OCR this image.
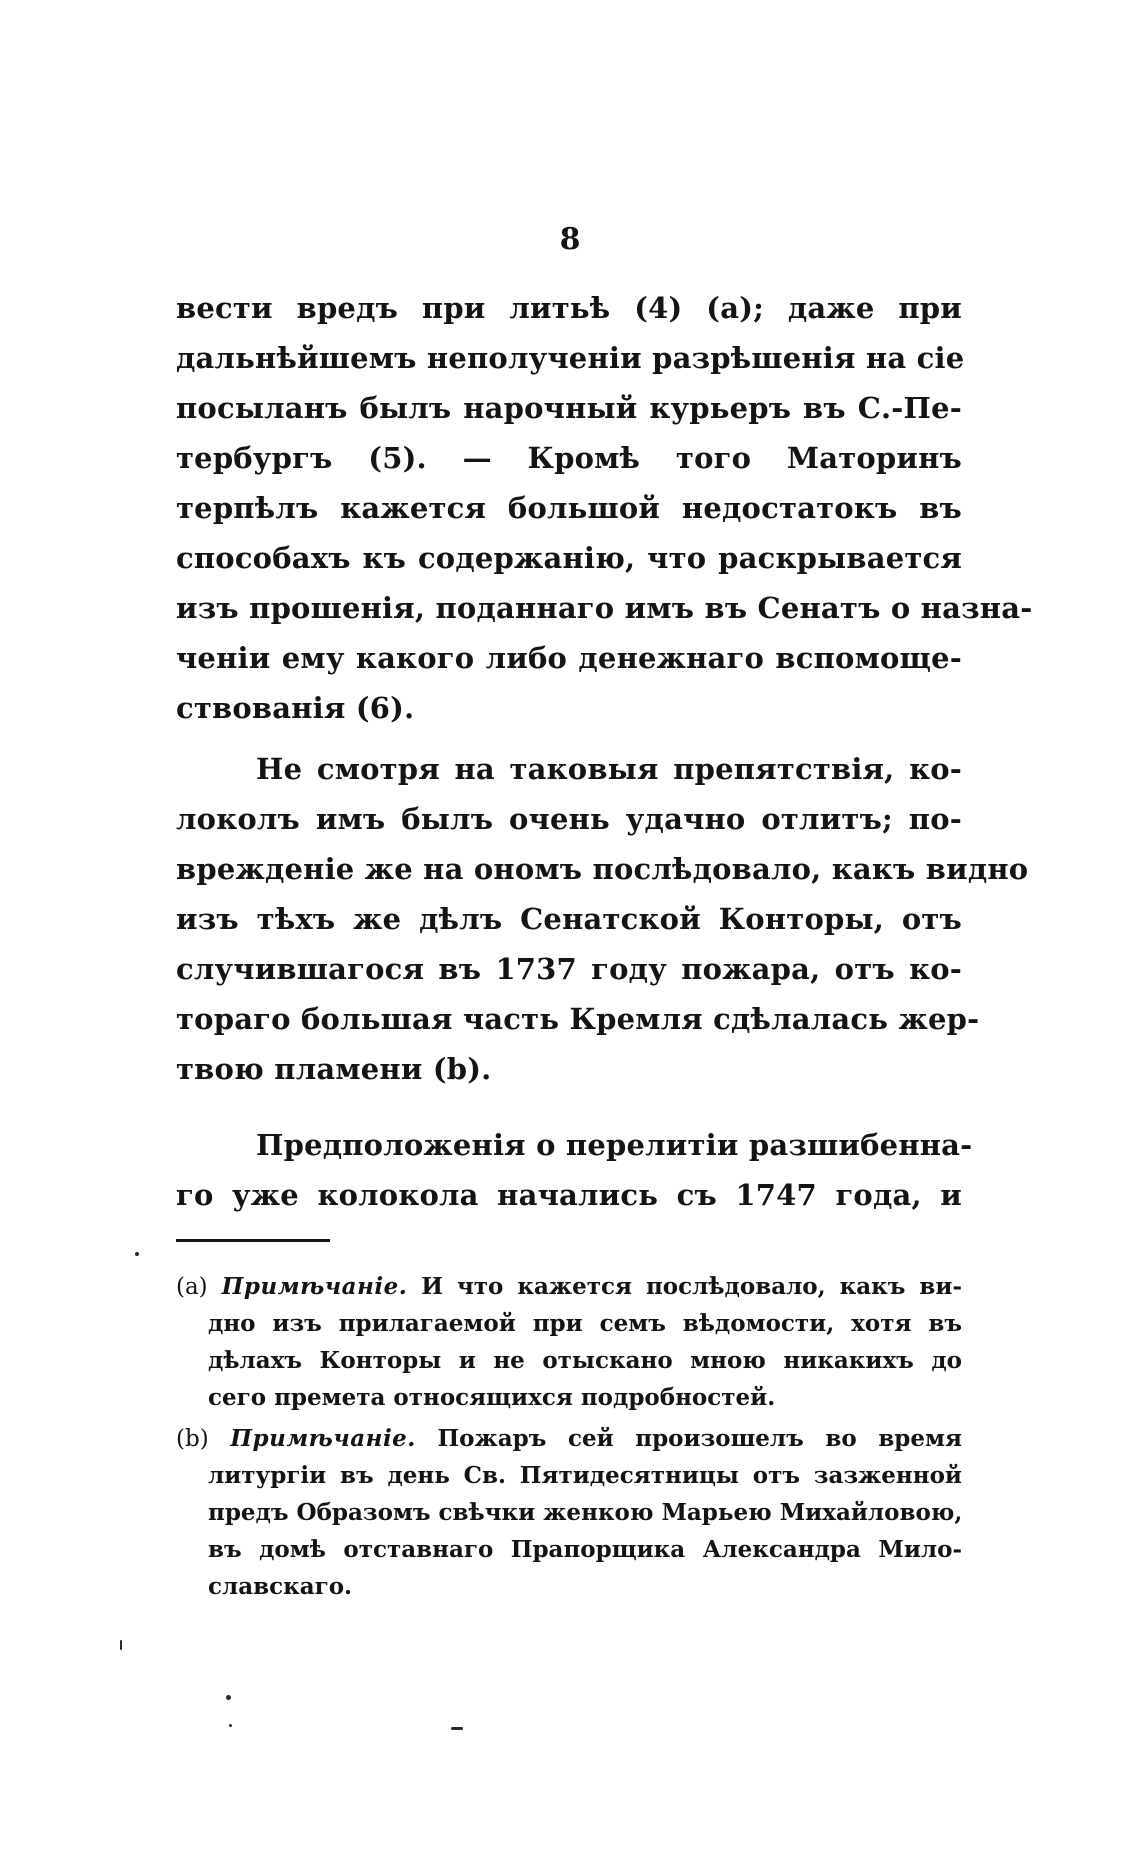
8
вести вредъ при литьѣ (4) (а); даже при
дальнѣйшемъ неполученіи разрѣшенія на сіе
посыланъ былъ нарочный курьеръ въ С.-Пе-
тербургъ (5). — Кромѣ того Маторинъ
терпѣлъ кажется большой недостатокъ въ
способахъ къ содержанію, что раскрывается
изъ прошенія, поданнаго имъ въ Сенатъ о назна-
ченіи ему какого либо денежнаго вспомоще-
ствованія (6).
Не смотря на таковыя препятствія, ко-
локолъ имъ былъ очень удачно отлитъ; по-
врежденіе же на ономъ послѣдовало, какъ видно
изъ тѣхъ же дѣлъ Сенатской Конторы, отъ
случившагося въ 1737 году пожара, отъ ко-
тораго большая часть Кремля сдѣлалась жер-
твою пламени (b).
Предположенія о перелитіи разшибенна-
го уже колокола начались съ 1747 года, и
(а) Примѣчаніе. И что кажется послѣдовало, какъ ви-
дно изъ прилагаемой при семъ вѣдомости, хотя въ
дѣлахъ Конторы и не отыскано мною никакихъ до
сего премета относящихся подробностей.
(b) Примѣчаніе. Пожаръ сей произошелъ во время
литургіи въ день Св. Пятидесятницы отъ зазженной
предъ Образомъ свѣчки женкою Марьею Михайловою,
въ домѣ отставнаго Прапорщика Александра Мило-
славскаго.
